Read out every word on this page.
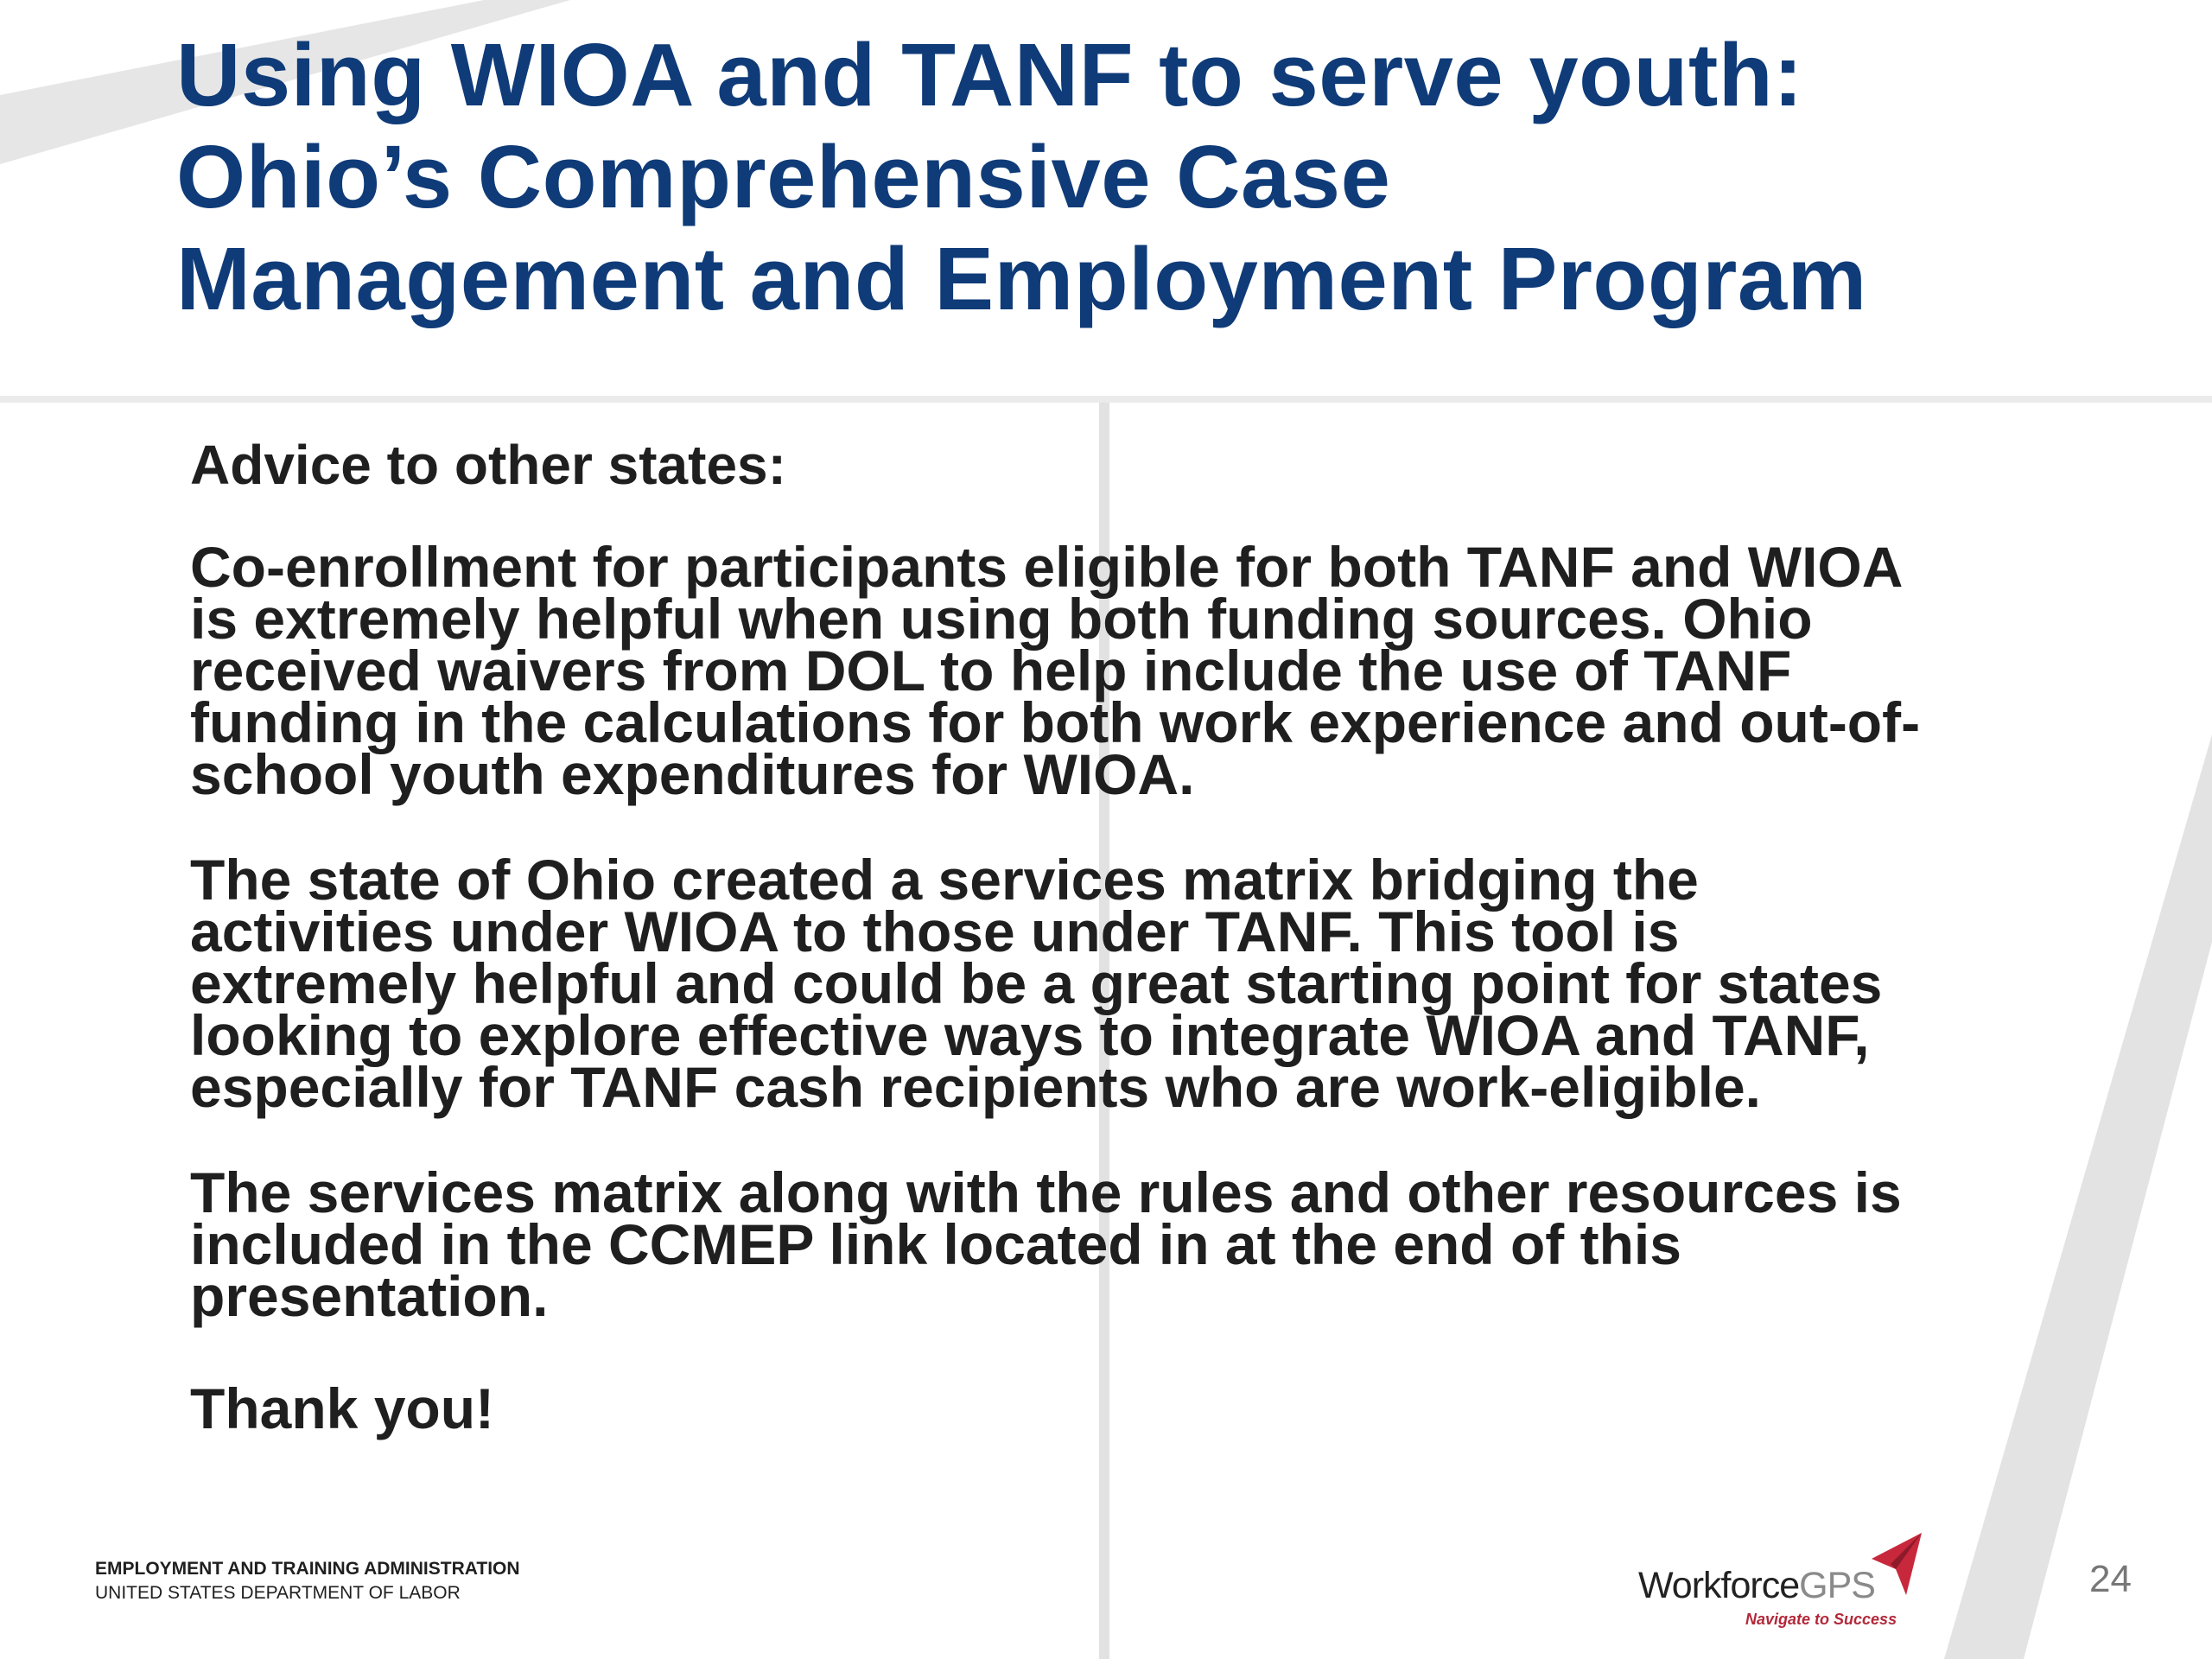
Using WIOA and TANF to serve youth:
Ohio’s Comprehensive Case
Management and Employment Program

Advice to other states:

Co-enrollment for participants eligible for both TANF and WIOA
is extremely helpful when using both funding sources. Ohio
received waivers from DOL to help include the use of TANF
funding in the calculations for both work experience and out-of-
school youth expenditures for WIOA.

The state of Ohio created a services matrix bridging the
activities under WIOA to those under TANF. This tool is
extremely helpful and could be a great starting point for states
looking to explore effective ways to integrate WIOA and TANF,
especially for TANF cash recipients who are work-eligible.

The services matrix along with the rules and other resources is
included in the CCMEP link located in at the end of this
presentation.

Thank you!

EMPLOYMENT AND TRAINING ADMINISTRATION
UNITED STATES DEPARTMENT OF LABOR	WorkforceGPS
Navigate to Success
24
